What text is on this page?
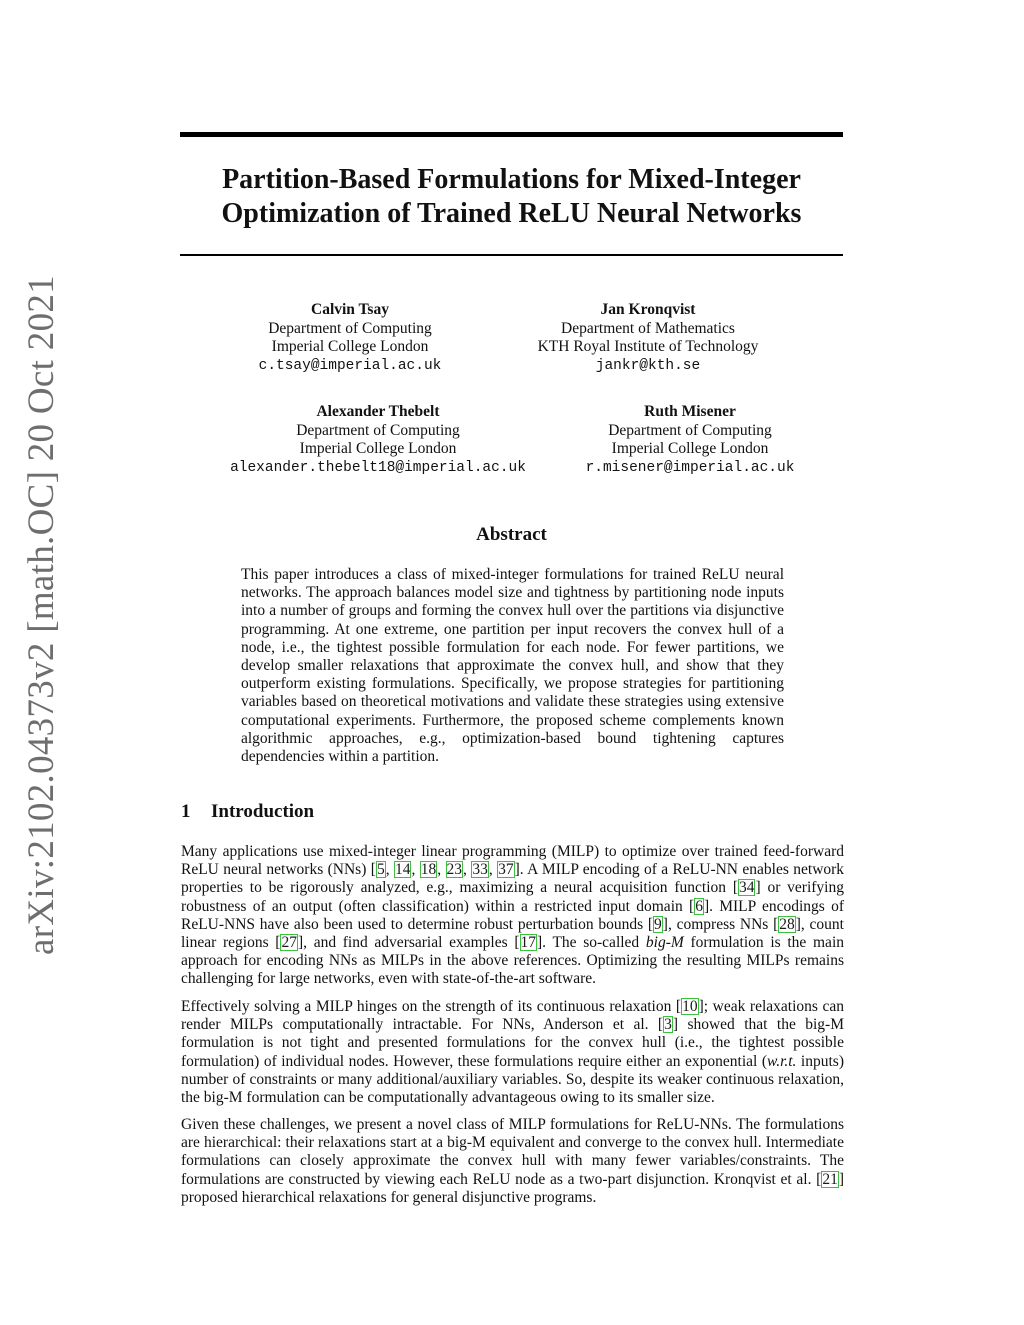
arXiv:2102.04373v2 [math.OC] 20 Oct 2021
Partition-Based Formulations for Mixed-Integer
Optimization of Trained ReLU Neural Networks
Calvin Tsay
Department of Computing
Imperial College London
c.tsay@imperial.ac.uk
Jan Kronqvist
Department of Mathematics
KTH Royal Institute of Technology
jankr@kth.se
Alexander Thebelt
Department of Computing
Imperial College London
alexander.thebelt18@imperial.ac.uk
Ruth Misener
Department of Computing
Imperial College London
r.misener@imperial.ac.uk
Abstract
This paper introduces a class of mixed-integer formulations for trained ReLU neural networks. The approach balances model size and tightness by partitioning node inputs into a number of groups and forming the convex hull over the partitions via disjunctive programming. At one extreme, one partition per input recovers the convex hull of a node, i.e., the tightest possible formulation for each node. For fewer partitions, we develop smaller relaxations that approximate the convex hull, and show that they outperform existing formulations. Specifically, we propose strategies for partitioning variables based on theoretical motivations and validate these strategies using extensive computational experiments. Furthermore, the proposed scheme complements known algorithmic approaches, e.g., optimization-based bound tightening captures dependencies within a partition.
1 Introduction

Many applications use mixed-integer linear programming (MILP) to optimize over trained feed-forward ReLU neural networks (NNs) [5, 14, 18, 23, 33, 37]. A MILP encoding of a ReLU-NN enables network properties to be rigorously analyzed, e.g., maximizing a neural acquisition function [34] or verifying robustness of an output (often classification) within a restricted input domain [6]. MILP encodings of ReLU-NNS have also been used to determine robust perturbation bounds [9], compress NNs [28], count linear regions [27], and find adversarial examples [17]. The so-called big-M formulation is the main approach for encoding NNs as MILPs in the above references. Optimizing the resulting MILPs remains challenging for large networks, even with state-of-the-art software.

Effectively solving a MILP hinges on the strength of its continuous relaxation [10]; weak relaxations can render MILPs computationally intractable. For NNs, Anderson et al. [3] showed that the big-M formulation is not tight and presented formulations for the convex hull (i.e., the tightest possible formulation) of individual nodes. However, these formulations require either an exponential (w.r.t. inputs) number of constraints or many additional/auxiliary variables. So, despite its weaker continuous relaxation, the big-M formulation can be computationally advantageous owing to its smaller size.

Given these challenges, we present a novel class of MILP formulations for ReLU-NNs. The formulations are hierarchical: their relaxations start at a big-M equivalent and converge to the convex hull. Intermediate formulations can closely approximate the convex hull with many fewer variables/constraints. The formulations are constructed by viewing each ReLU node as a two-part disjunction. Kronqvist et al. [21] proposed hierarchical relaxations for general disjunctive programs.
